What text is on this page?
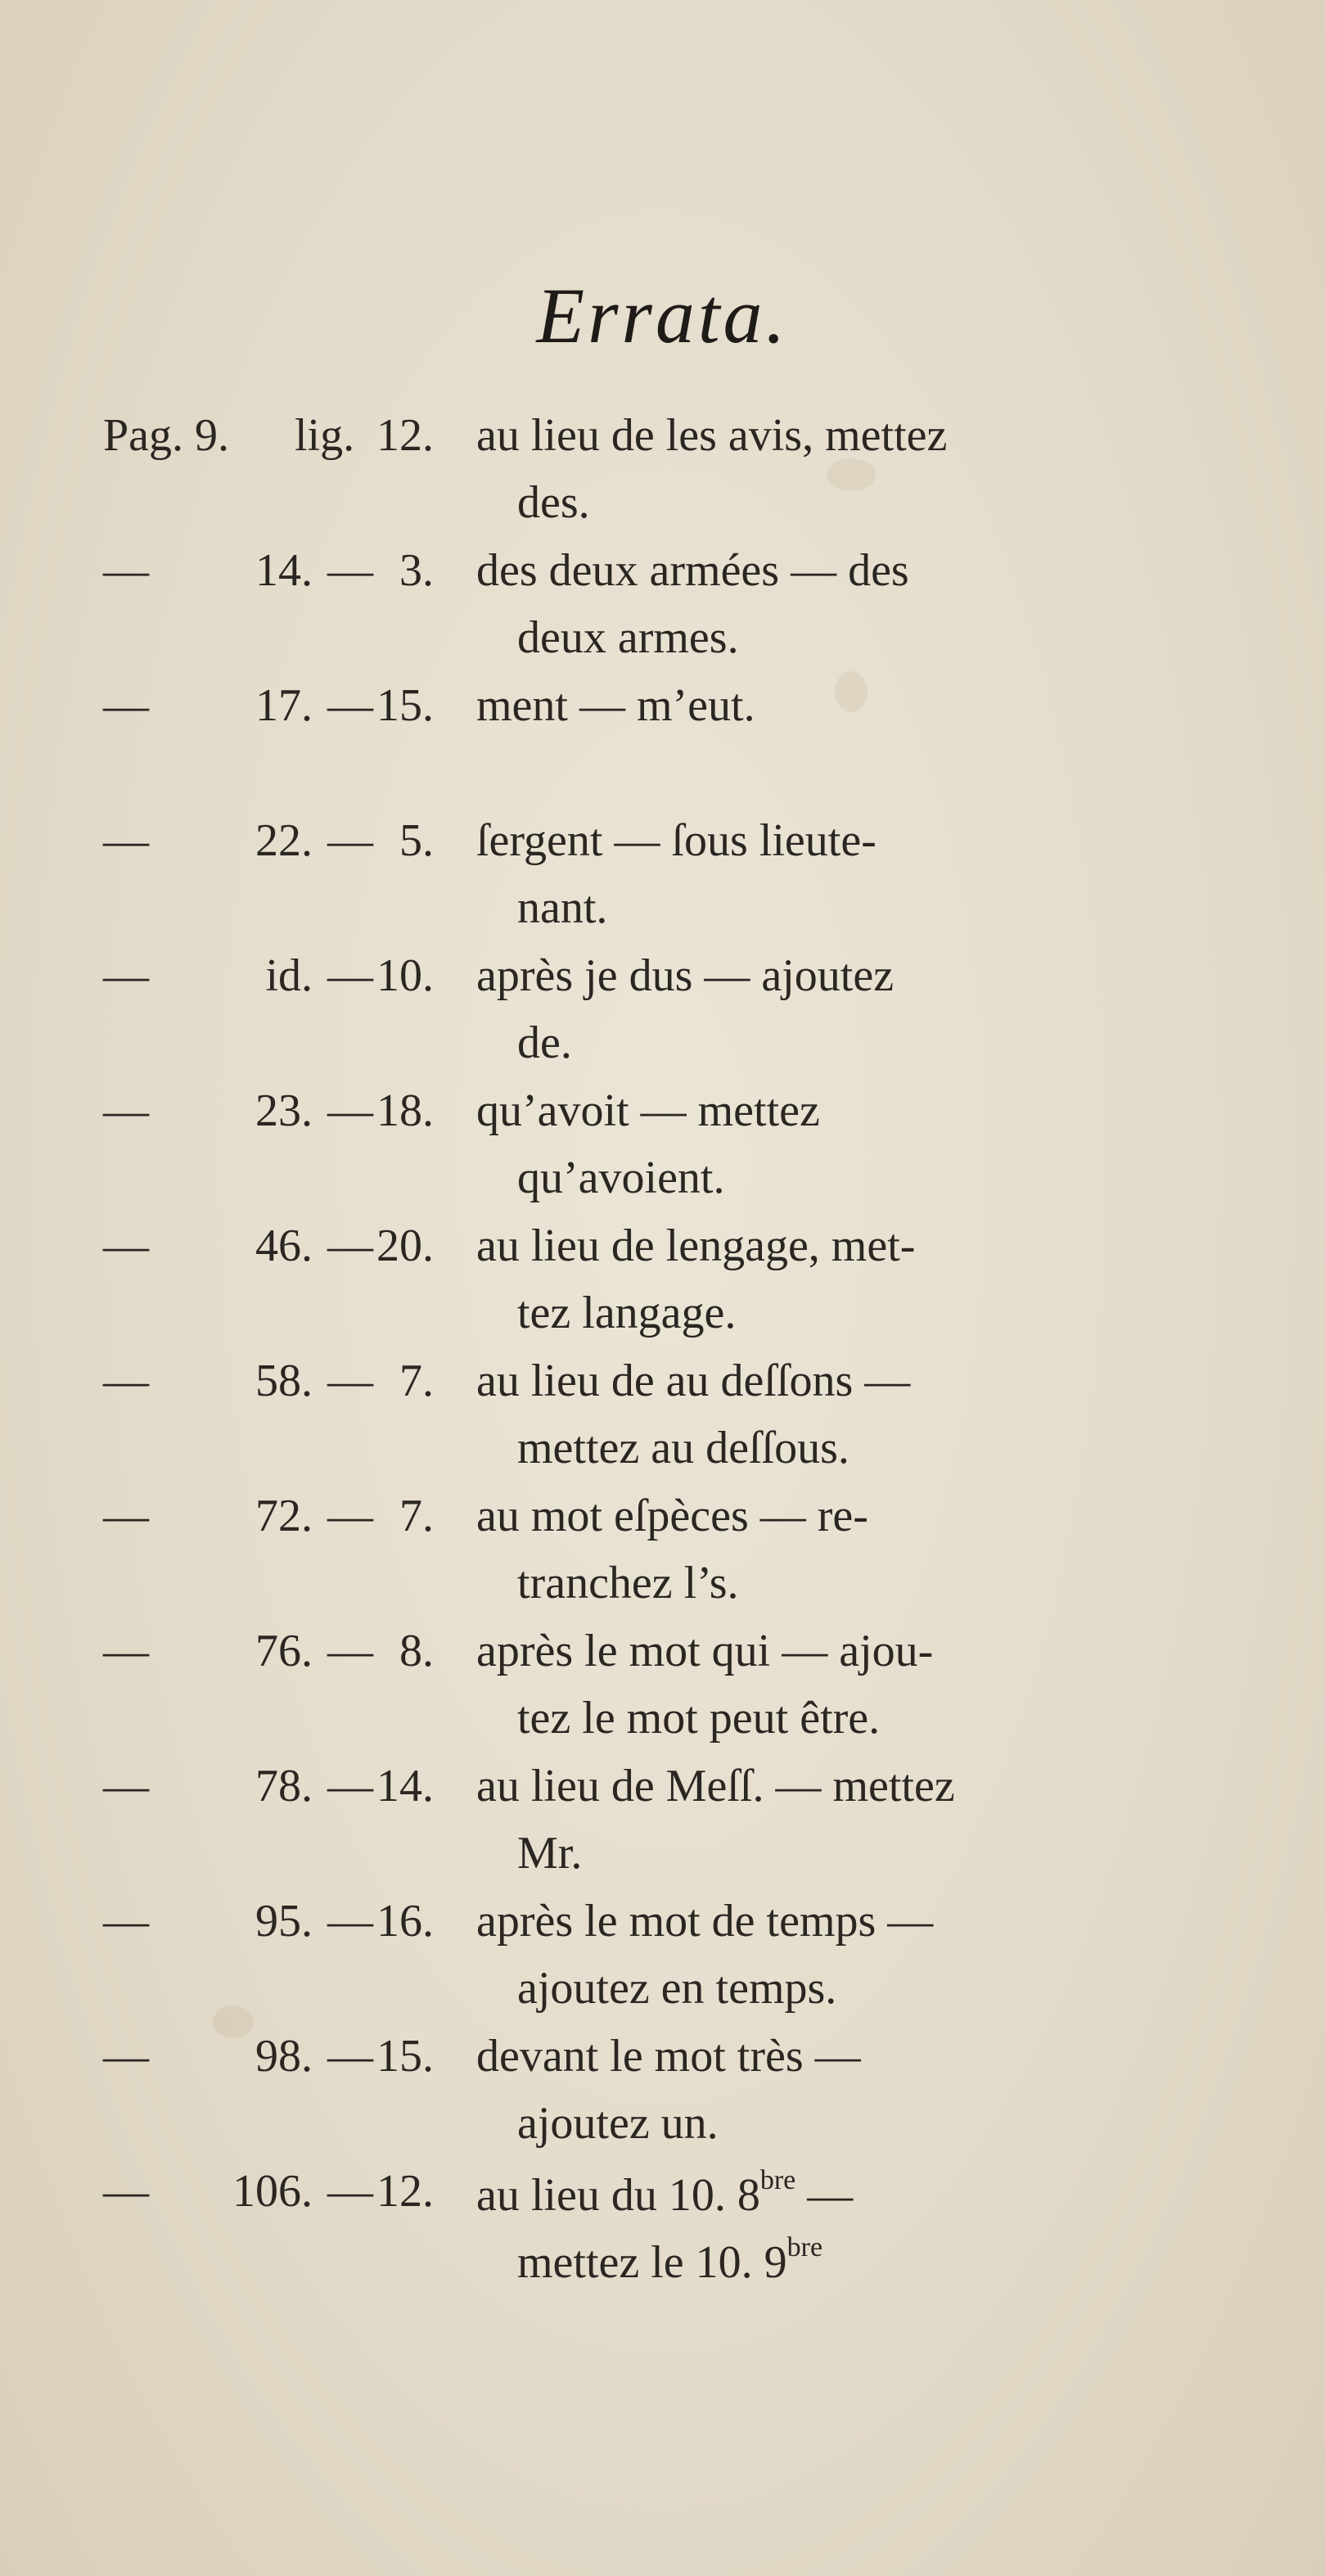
Errata.
Pag. 9. lig. 12. au lieu de les avis, mettez
des.
—	14. — 3. des deux armées — des
deux armes.
—	17. — 15. ment — m’eut.
—	22. — 5. ſergent — ſous lieute-
nant.
—	id. — 10. après je dus — ajoutez
de.
—	23. — 18. qu’avoit — mettez
qu’avoient.
—	46. — 20. au lieu de lengage, met-
tez langage.
—	58. — 7. au lieu de au deſſons —
mettez au deſſous.
—	72. — 7. au mot eſpèces — re-
tranchez l’s.
—	76. — 8. après le mot qui — ajou-
tez le mot peut être.
—	78. — 14. au lieu de Meſſ. — mettez
Mr.
—	95. — 16. après le mot de temps —
ajoutez en temps.
—	98. — 15. devant le mot très —
ajoutez un.
—	106. — 12. au lieu du 10. $8^{bre}$ —
mettez le 10. $9^{bre}$
